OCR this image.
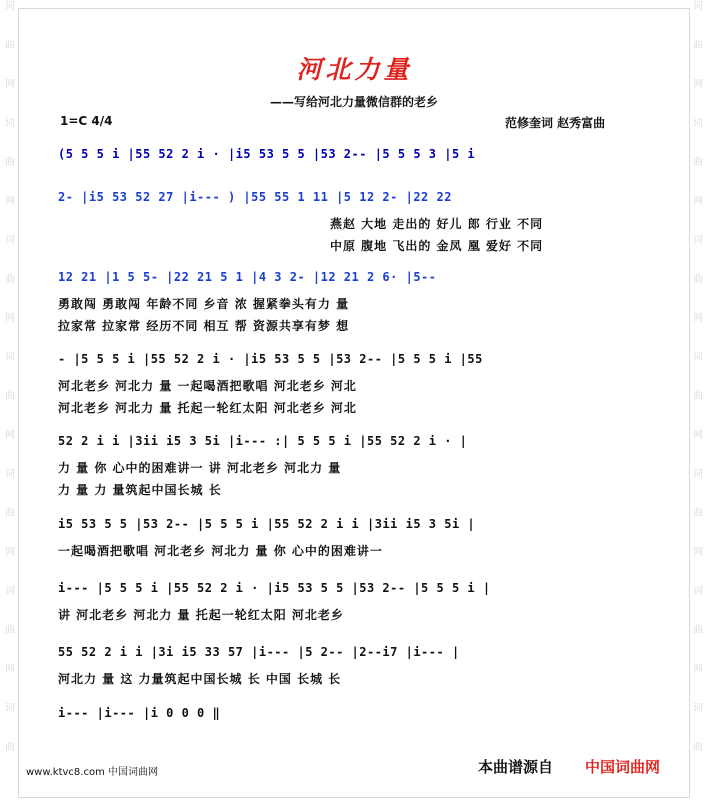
词
曲
网
词
曲
网
词
曲
网
词
曲
网
词
曲
网
词
曲
网
词
曲
词
曲
网
词
曲
网
词
曲
网
词
曲
网
词
曲
网
词
曲
网
词
曲
河北力量
——写给河北力量微信群的老乡
1=C 4/4	范修奎词 赵秀富曲
(5 5 5 i |55 52 2 i · |i5 53 5 5 |53 2-- |5 5 5 3 |5 i
2- |i5 53 52 27 |i--- ) |55 55 1 11 |5 12 2- |22 22
燕赵 大地 走出的 好儿 郎 行业 不同
中原 腹地 飞出的 金凤 凰 爱好 不同
12 21 |1 5 5- |22 21 5 1 |4 3 2- |12 21 2 6· |5--
勇敢闯 勇敢闯 年龄不同 乡音 浓 握紧拳头有力 量
拉家常 拉家常 经历不同 相互 帮 资源共享有梦 想
- |5 5 5 i |55 52 2 i · |i5 53 5 5 |53 2-- |5 5 5 i |55
河北老乡 河北力 量 一起喝酒把歌唱 河北老乡 河北
河北老乡 河北力 量 托起一轮红太阳 河北老乡 河北
52 2 i i |3ii i5 3 5i |i--- :| 5 5 5 i |55 52 2 i · |
力 量 你 心中的困难讲一 讲 河北老乡 河北力 量
力 量 力 量筑起中国长城 长
i5 53 5 5 |53 2-- |5 5 5 i |55 52 2 i i |3ii i5 3 5i |
一起喝酒把歌唱 河北老乡 河北力 量 你 心中的困难讲一
i--- |5 5 5 i |55 52 2 i · |i5 53 5 5 |53 2-- |5 5 5 i |
讲 河北老乡 河北力 量 托起一轮红太阳 河北老乡
55 52 2 i i |3i i5 33 57 |i--- |5 2-- |2--i7 |i--- |
河北力 量 这 力量筑起中国长城 长 中国 长城 长
i--- |i--- |i 0 0 0 ‖
www.ktvc8.com 中国词曲网	本曲谱源自 中国词曲网
